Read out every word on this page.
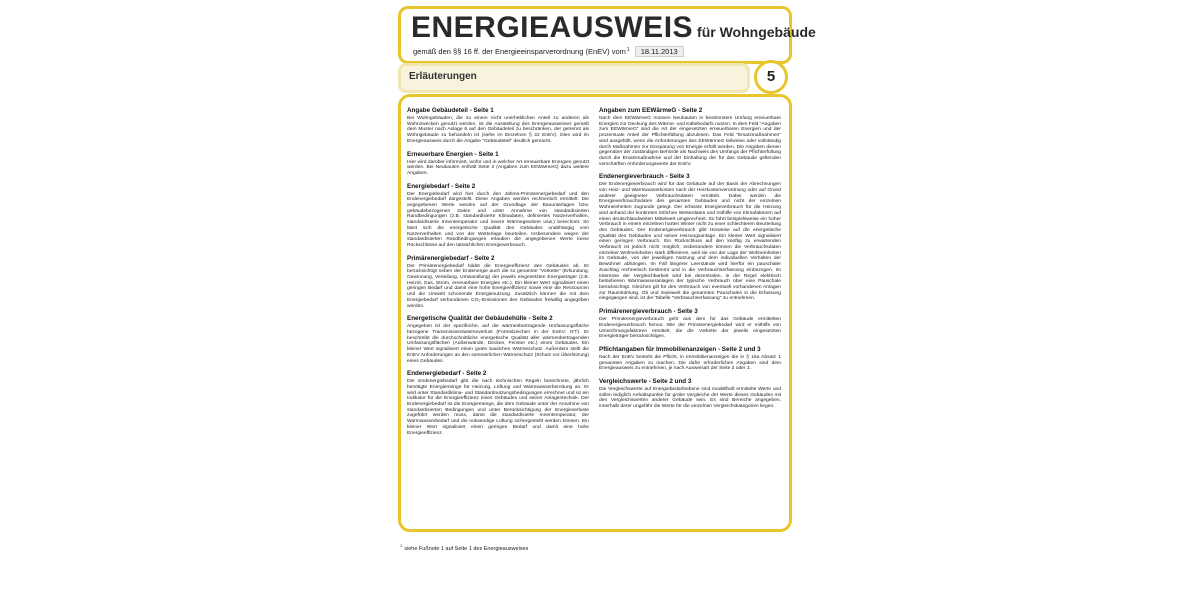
ENERGIEAUSWEIS für Wohngebäude
gemäß den §§ 16 ff. der Energieeinsparverordnung (EnEV) vom$^1$ 18.11.2013
Erläuterungen	5
Angabe Gebäudeteil - Seite 1

Bei Wohngebäuden, die zu einem nicht unerheblichen Anteil zu anderen als Wohnzwecken genutzt werden, ist die Ausstellung des Energieausweises gemäß dem Muster nach Anlage 6 auf den Gebäudeteil zu beschränken, der getrennt als Wohngebäude zu behandeln ist (siehe im Einzelnen § 22 EnEV). Dies wird im Energieausweis durch die Angabe "Gebäudeteil" deutlich gemacht.

Erneuerbare Energien - Seite 1

Hier wird darüber informiert, wofür und in welcher Art erneuerbare Energien genutzt werden. Bei Neubauten enthält Seite 2 (Angaben zum EEWärmeG) dazu weitere Angaben.

Energiebedarf - Seite 2

Der Energiebedarf wird hier durch den Jahres-Primärenergiebedarf und den Endenergiebedarf dargestellt. Diese Angaben werden rechnerisch ermittelt. Die angegebenen Werte werden auf der Grundlage der Bauunterlagen bzw. gebäudebezogenen Daten und unter Annahme von standardisierten Randbedingungen (z.B. standardisierte Klimadaten, definiertes Nutzerverhalten, standardisierte Innentemperatur und innere Wärmegewinne usw.) berechnet. So lässt sich die energetische Qualität des Gebäudes unabhängig vom Nutzerverhalten und von der Wetterlage beurteilen. Insbesondere wegen der standardisierten Randbedingungen erlauben die angegebenen Werte keine Rückschlüsse auf den tatsächlichen Energieverbrauch.

Primärenergiebedarf - Seite 2

Der Primärenergiebedarf bildet die Energieeffizienz des Gebäudes ab. Er berücksichtigt neben der Endenergie auch die so genannte "Vorkette" (Erkundung, Gewinnung, Verteilung, Umwandlung) der jeweils eingesetzten Energieträger (z.B. Heizöl, Gas, Strom, erneuerbare Energien etc.). Ein kleiner Wert signalisiert einen geringen Bedarf und damit eine hohe Energieeffizienz sowie eine die Ressourcen und die Umwelt schonende Energienutzung. Zusätzlich können die mit dem Energiebedarf verbundenen CO₂-Emissionen des Gebäudes freiwillig angegeben werden.

Energetische Qualität der Gebäudehülle - Seite 2

Angegeben ist der spezifische, auf die wärmeübertragende Umfassungsfläche bezogene Transmissionswärmeverlust (Formelzeichen in der EnEV: H′T). Er beschreibt die durchschnittliche energetische Qualität aller wärmeübertragenden Umfassungsflächen (Außenwände, Decken, Fenster etc.) eines Gebäudes. Ein kleiner Wert signalisiert einen guten baulichen Wärmeschutz. Außerdem stellt die EnEV Anforderungen an den sommerlichen Wärmeschutz (Schutz vor Überhitzung) eines Gebäudes.

Endenergiebedarf - Seite 2

Der Endenergiebedarf gibt die nach technischen Regeln berechnete, jährlich benötigte Energiemenge für Heizung, Lüftung und Warmwasserbereitung an. Er wird unter Standardklima- und Standardnutzungsbedingungen errechnet und ist ein Indikator für die Energieeffizienz eines Gebäudes und seiner Anlagentechnik. Der Endenergiebedarf ist die Energiemenge, die dem Gebäude unter der Annahme von standardisierten Bedingungen und unter Berücksichtigung der Energieverluste zugeführt werden muss, damit die standardisierte Innentemperatur, der Warmwasserbedarf und die notwendige Lüftung sichergestellt werden können. Ein kleiner Wert signalisiert einen geringen Bedarf und damit eine hohe Energieeffizienz.

Angaben zum EEWärmeG - Seite 2

Nach dem EEWärmeG müssen Neubauten in bestimmtem Umfang erneuerbare Energien zur Deckung des Wärme- und Kältebedarfs nutzen. In dem Feld "Angaben zum EEWärmeG" sind die Art der eingesetzten erneuerbaren Energien und der prozentuale Anteil der Pflichterfüllung abzulesen. Das Feld "Ersatzmaßnahmen" wird ausgefüllt, wenn die Anforderungen des EEWärmeG teilweise oder vollständig durch Maßnahmen zur Einsparung von Energie erfüllt werden. Die Angaben dienen gegenüber der zuständigen Behörde als Nachweis des Umfangs der Pflichterfüllung durch die Ersatzmaßnahme und der Einhaltung der für das Gebäude geltenden verschärften Anforderungswerte der EnEV.

Endenergieverbrauch - Seite 3

Der Endenergieverbrauch wird für das Gebäude auf der Basis der Abrechnungen von Heiz- und Warmwasserkosten nach der Heizkostenverordnung oder auf Grund anderer geeigneter Verbrauchsdaten ermittelt. Dabei werden die Energieverbrauchsdaten des gesamten Gebäudes und nicht der einzelnen Wohneinheiten zugrunde gelegt. Der erfasste Energieverbrauch für die Heizung wird anhand der konkreten örtlichen Wetterdaten und mithilfe von Klimafaktoren auf einen deutschlandweiten Mittelwert umgerechnet. So führt beispielsweise ein hoher Verbrauch in einem einzelnen harten Winter nicht zu einer schlechteren Beurteilung des Gebäudes. Der Endenergieverbrauch gibt Hinweise auf die energetische Qualität des Gebäudes und seiner Heizungsanlage. Ein kleiner Wert signalisiert einen geringen Verbrauch. Ein Rückschluss auf den künftig zu erwartenden Verbrauch ist jedoch nicht möglich; insbesondere können die Verbrauchsdaten einzelner Wohneinheiten stark differieren, weil sie von der Lage der Wohneinheiten im Gebäude, von der jeweiligen Nutzung und dem individuellen Verhalten der Bewohner abhängen. Im Fall längerer Leerstände wird hierfür ein pauschaler Zuschlag rechnerisch bestimmt und in die Verbrauchserfassung einbezogen. Im Interesse der Vergleichbarkeit wird bei dezentralen, in der Regel elektrisch betriebenen Warmwasseranlagen der typische Verbrauch über eine Pauschale berücksichtigt. Gleiches gilt für den Verbrauch von eventuell vorhandenen Anlagen zur Raumkühlung. Ob und inwieweit die genannten Pauschalen in die Erfassung eingegangen sind, ist der Tabelle "Verbrauchserfassung" zu entnehmen.

Primärenergieverbrauch - Seite 3

Der Primärenergieverbrauch geht aus dem für das Gebäude ermittelten Endenergieverbrauch hervor. Wie der Primärenergiebedarf wird er mithilfe von Umrechnungsfaktoren ermittelt, die die Vorkette der jeweils eingesetzten Energieträger berücksichtigen.

Pflichtangaben für Immobilienanzeigen - Seite 2 und 3

Nach der EnEV besteht die Pflicht, in Immobilienanzeigen die in § 16a Absatz 1 genannten Angaben zu machen. Die dafür erforderlichen Angaben sind dem Energieausweis zu entnehmen, je nach Ausweisart der Seite 2 oder 3.

Vergleichswerte - Seite 2 und 3

Die Vergleichswerte auf Energiebedarfsebene sind modellhaft ermittelte Werte und sollen lediglich Anhaltspunkte für grobe Vergleiche der Werte dieses Gebäudes mit den Vergleichswerten anderer Gebäude sein. Es sind Bereiche angegeben, innerhalb derer ungefähr die Werte für die einzelnen Vergleichskategorien liegen.

$^1$siehe Fußnote 1 auf Seite 1 des Energieausweises
